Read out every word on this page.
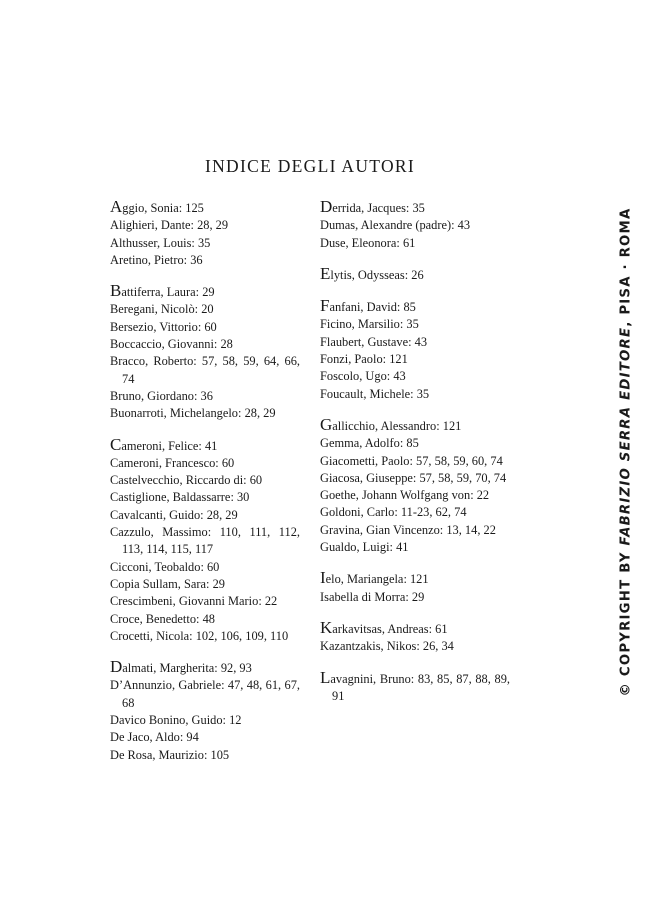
INDICE DEGLI AUTORI
Aggio, Sonia: 125
Alighieri, Dante: 28, 29
Althusser, Louis: 35
Aretino, Pietro: 36
Battiferra, Laura: 29
Beregani, Nicolò: 20
Bersezio, Vittorio: 60
Boccaccio, Giovanni: 28
Bracco, Roberto: 57, 58, 59, 64, 66, 74
Bruno, Giordano: 36
Buonarroti, Michelangelo: 28, 29
Cameroni, Felice: 41
Cameroni, Francesco: 60
Castelvecchio, Riccardo di: 60
Castiglione, Baldassarre: 30
Cavalcanti, Guido: 28, 29
Cazzulo, Massimo: 110, 111, 112, 113, 114, 115, 117
Cicconi, Teobaldo: 60
Copia Sullam, Sara: 29
Crescimbeni, Giovanni Mario: 22
Croce, Benedetto: 48
Crocetti, Nicola: 102, 106, 109, 110
Dalmati, Margherita: 92, 93
D’Annunzio, Gabriele: 47, 48, 61, 67, 68
Davico Bonino, Guido: 12
De Jaco, Aldo: 94
De Rosa, Maurizio: 105
Derrida, Jacques: 35
Dumas, Alexandre (padre): 43
Duse, Eleonora: 61
Elytis, Odysseas: 26
Fanfani, David: 85
Ficino, Marsilio: 35
Flaubert, Gustave: 43
Fonzi, Paolo: 121
Foscolo, Ugo: 43
Foucault, Michele: 35
Gallicchio, Alessandro: 121
Gemma, Adolfo: 85
Giacometti, Paolo: 57, 58, 59, 60, 74
Giacosa, Giuseppe: 57, 58, 59, 70, 74
Goethe, Johann Wolfgang von: 22
Goldoni, Carlo: 11-23, 62, 74
Gravina, Gian Vincenzo: 13, 14, 22
Gualdo, Luigi: 41
Ielo, Mariangela: 121
Isabella di Morra: 29
Karkavitsas, Andreas: 61
Kazantzakis, Nikos: 26, 34
Lavagnini, Bruno: 83, 85, 87, 88, 89, 91	© COPYRIGHT BY FABRIZIO SERRA EDITORE, PISA · ROMA
